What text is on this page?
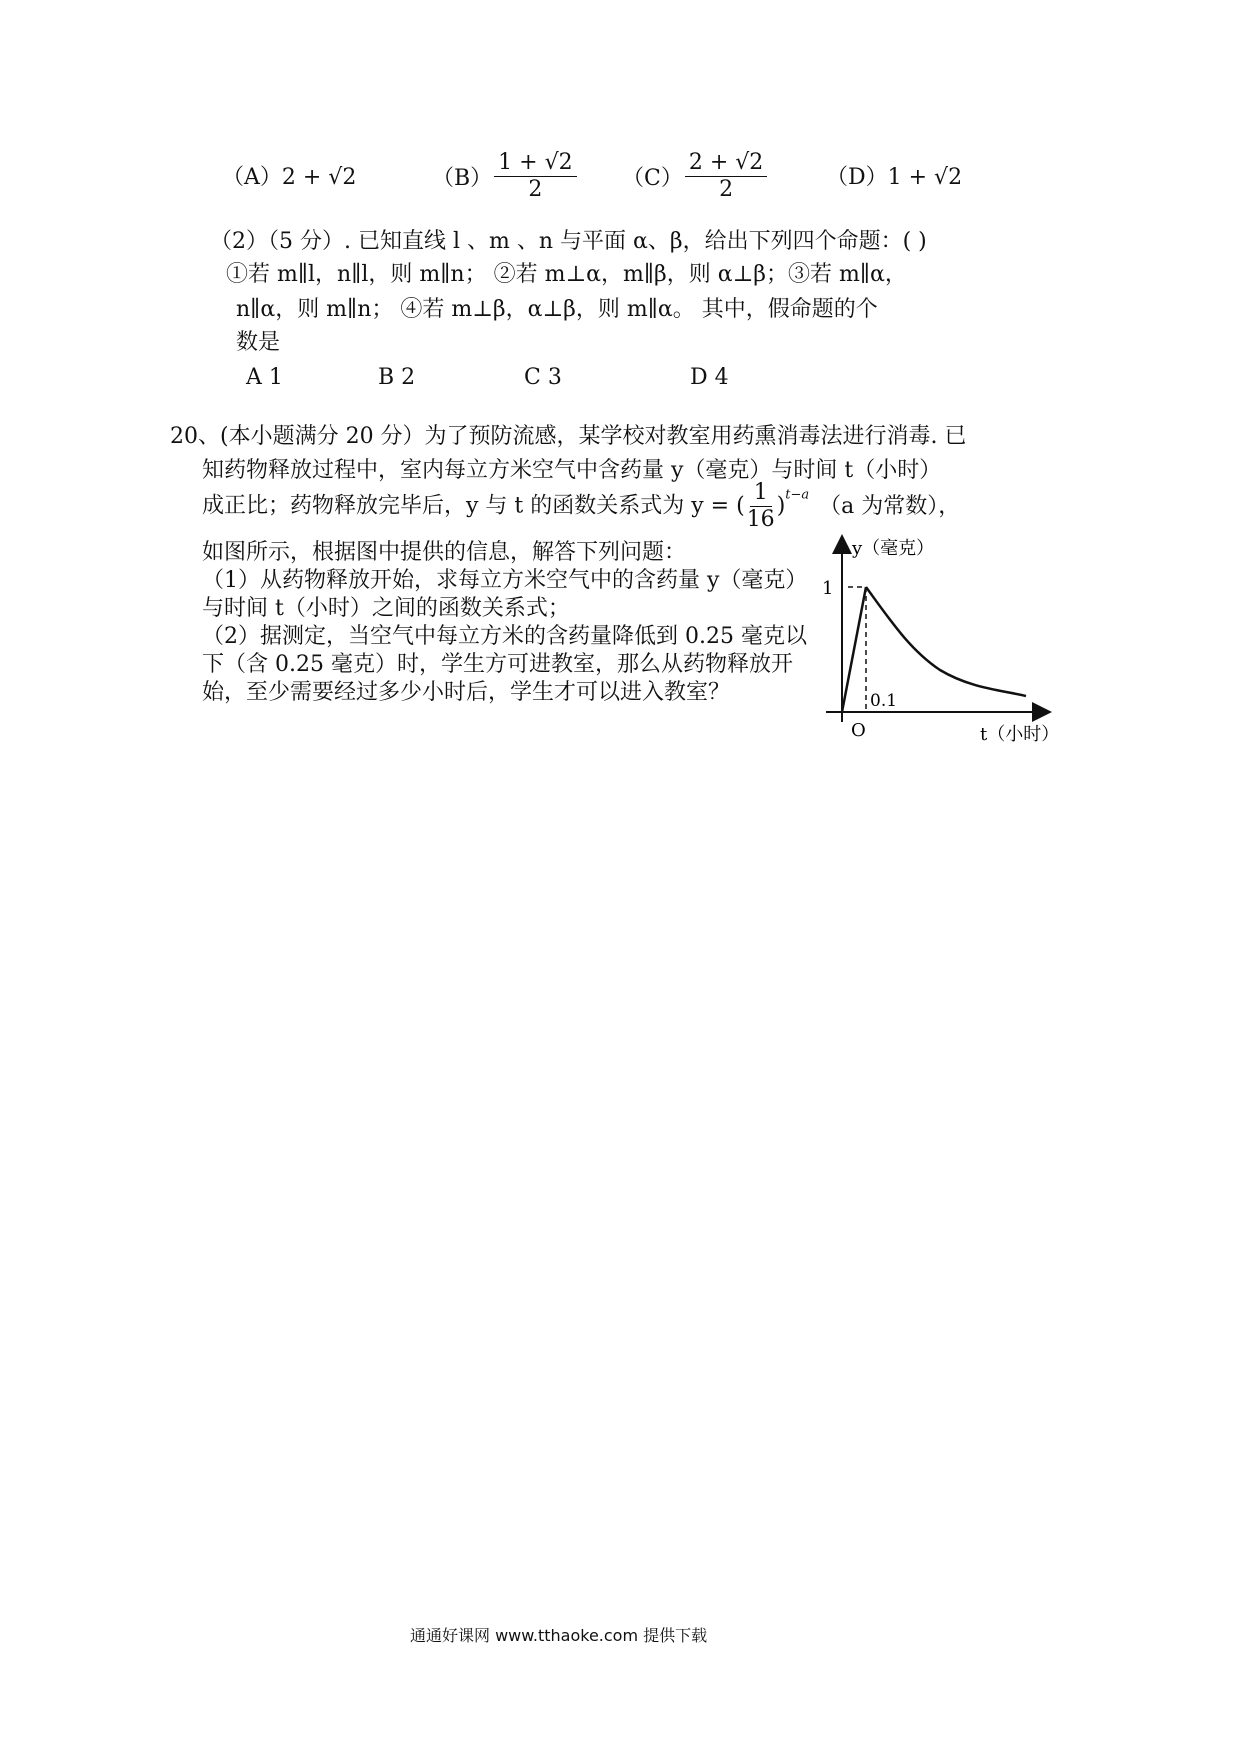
（A）2 + √2	$(B) \frac{1 + √2}{2} (C) \frac{2 + √2}{2}$	（D）1 + √2
（2）（5 分）. 已知直线 l 、m 、n 与平面 α、β，给出下列四个命题：( )
①若 m∥l，n∥l，则 m∥n； ②若 m⊥α，m∥β，则 α⊥β；③若 m∥α，
n∥α，则 m∥n； ④若 m⊥β，α⊥β，则 m∥α。 其中，假命题的个
数是
A 1	B 2	C 3	D 4
20、(本小题满分 20 分）为了预防流感，某学校对教室用药熏消毒法进行消毒. 已
知药物释放过程中，室内每立方米空气中含药量 y（毫克）与时间 t（小时）
成正比；药物释放完毕后，y 与 t 的函数关系式为 y = ( $\frac{1}{16} )^{t-a}$ （a 为常数），
如图所示，根据图中提供的信息，解答下列问题：
（1）从药物释放开始，求每立方米空气中的含药量 y（毫克）
与时间 t（小时）之间的函数关系式；
（2）据测定，当空气中每立方米的含药量降低到 0.25 毫克以
下（含 0.25 毫克）时，学生方可进教室，那么从药物释放开
始，至少需要经过多少小时后，学生才可以进入教室？
y（毫克）
1
0.1
O	t（小时）
通通好课网 www.tthaoke.com 提供下载
